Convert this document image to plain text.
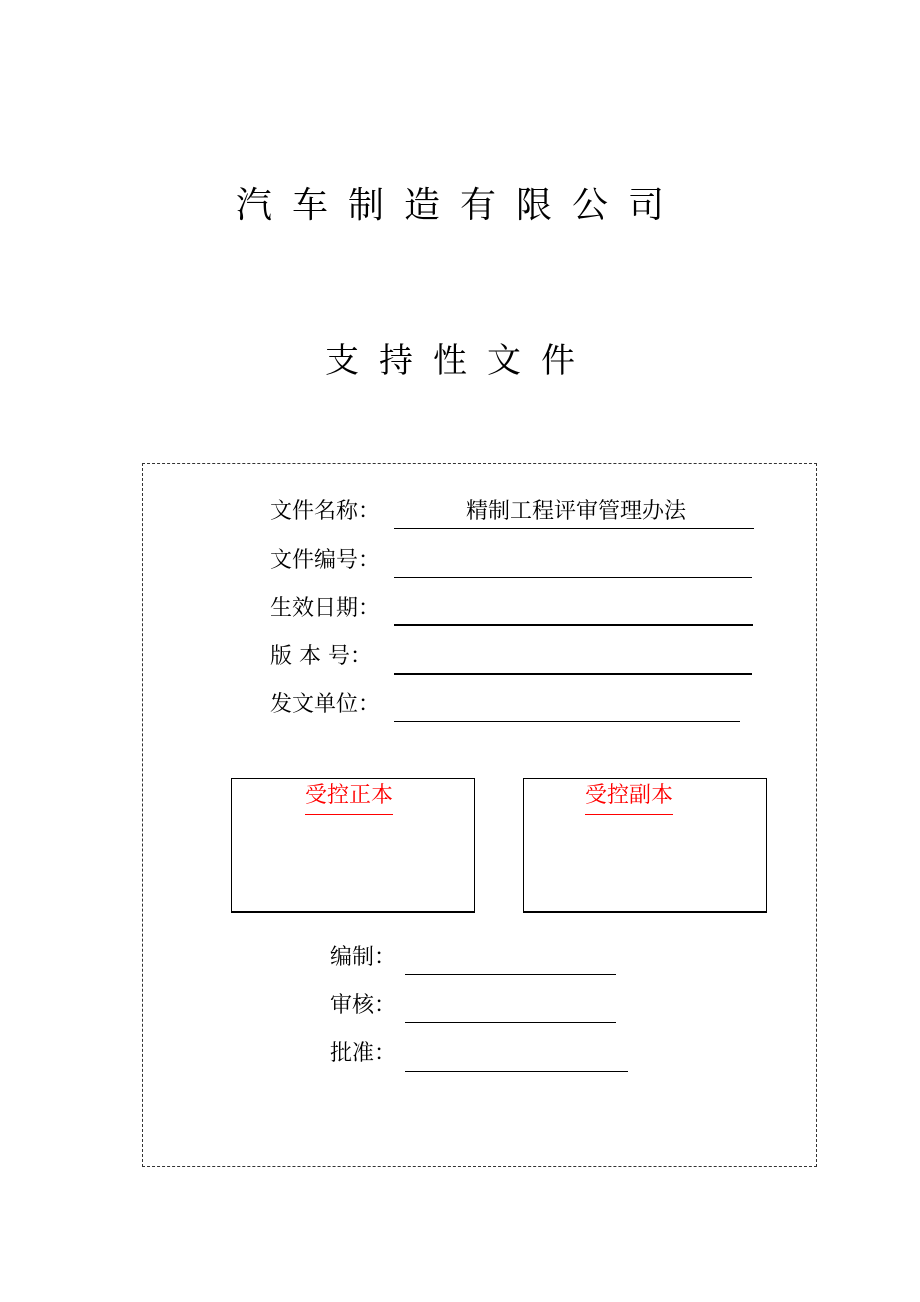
汽车制造有限公司
支持性文件
文件名称：	精制工程评审管理办法
文件编号：
生效日期：
版 本 号：
发文单位：
受控正本	受控副本
编制：
审核：
批准：
